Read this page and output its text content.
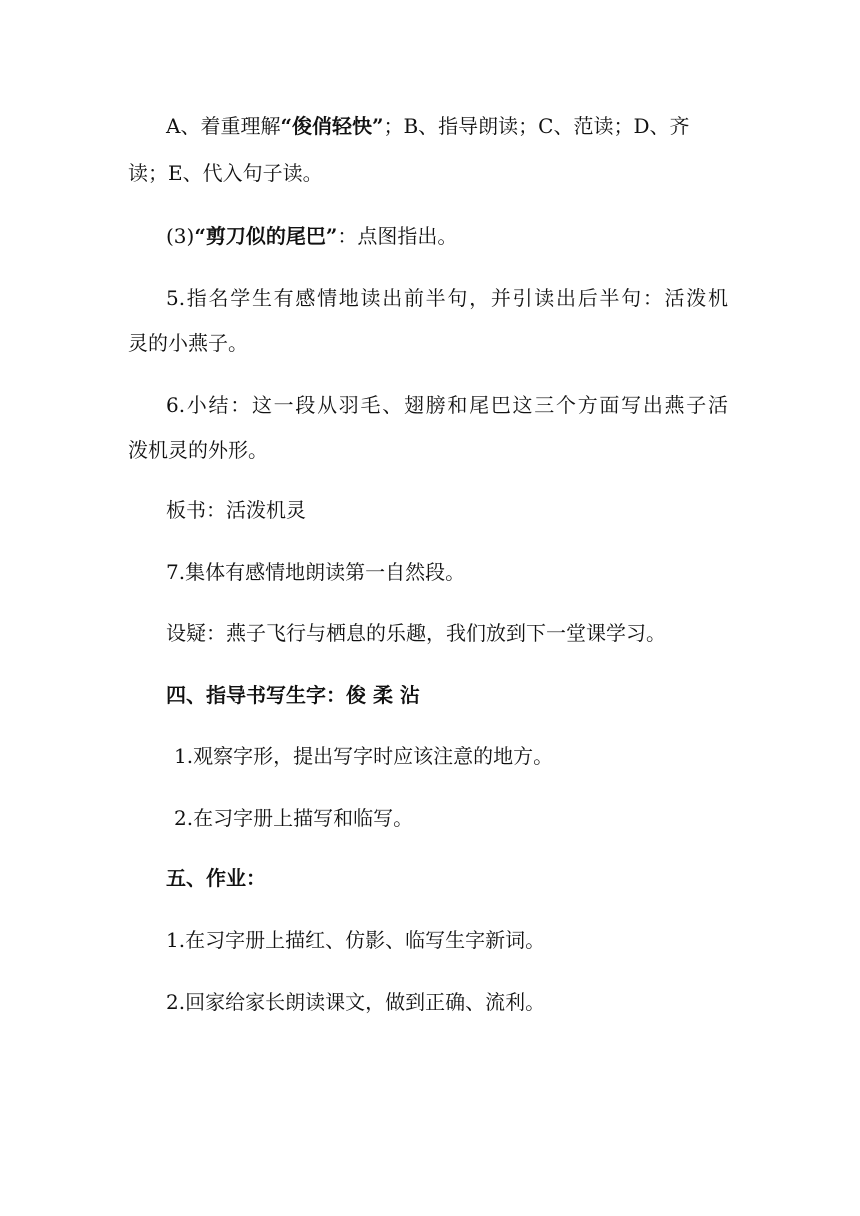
A、着重理解“俊俏轻快”；B、指导朗读；C、范读；D、齐
读；E、代入句子读。
(3)“剪刀似的尾巴”：点图指出。
5.指名学生有感情地读出前半句，并引读出后半句：活泼机
灵的小燕子。
6.小结：这一段从羽毛、翅膀和尾巴这三个方面写出燕子活
泼机灵的外形。
板书：活泼机灵
7.集体有感情地朗读第一自然段。
设疑：燕子飞行与栖息的乐趣，我们放到下一堂课学习。
四、指导书写生字：俊 柔 沾
1.观察字形，提出写字时应该注意的地方。
2.在习字册上描写和临写。
五、作业：
1.在习字册上描红、仿影、临写生字新词。
2.回家给家长朗读课文，做到正确、流利。
